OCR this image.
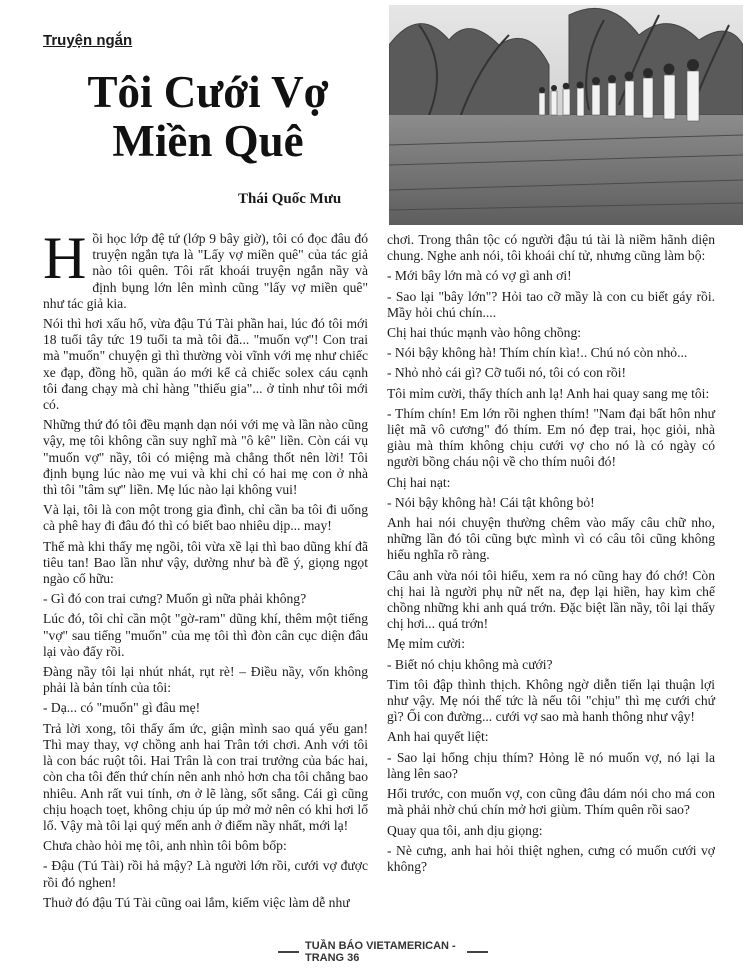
Truyện ngắn
Tôi Cưới Vợ
Miền Quê
Thái Quốc Mưu

Hồi học lớp đệ tứ (lớp 9 bây giờ), tôi có đọc đâu đó truyện ngắn tựa là "Lấy vợ miền quê" của tác giả nào tôi quên. Tôi rất khoái truyện ngắn nầy và định bụng lớn lên mình cũng "lấy vợ miền quê" như tác giả kia.

Nói thì hơi xấu hổ, vừa đậu Tú Tài phần hai, lúc đó tôi mới 18 tuổi tây tức 19 tuổi ta mà tôi đã... "muốn vợ"! Con trai mà "muốn" chuyện gì thì thường vòi vĩnh với mẹ như chiếc xe đạp, đồng hồ, quần áo mới kể cả chiếc solex cáu cạnh tôi đang chạy mà chỉ hàng "thiếu gia"... ở tỉnh như tôi mới có.

Những thứ đó tôi đều mạnh dạn nói với mẹ và lần nào cũng vậy, mẹ tôi không cần suy nghĩ mà "ô kê" liền. Còn cái vụ "muốn vợ" nầy, tôi có miệng mà chẳng thốt nên lời! Tôi định bụng lúc nào mẹ vui và khi chỉ có hai mẹ con ở nhà thì tôi "tâm sự" liền. Mẹ lúc nào lại không vui!

Và lại, tôi là con một trong gia đình, chỉ cần ba tôi đi uống cà phê hay đi đâu đó thì có biết bao nhiêu dịp... may!

Thế mà khi thấy mẹ ngồi, tôi vừa xề lại thì bao dũng khí đã tiêu tan! Bao lần như vậy, dường như bà đề ý, giọng ngọt ngào cố hữu:

- Gì đó con trai cưng? Muốn gì nữa phải không?

Lúc đó, tôi chỉ cần một "gờ-ram" dũng khí, thêm một tiếng "vợ" sau tiếng "muốn" của mẹ tôi thì đòn cân cục diện đâu lại vào đấy rồi.

Đàng nầy tôi lại nhút nhát, rụt rè! – Điều nầy, vốn không phải là bản tính của tôi:

- Dạ... có "muốn" gì đâu mẹ!

Trả lời xong, tôi thấy ấm ức, giận mình sao quá yếu gan! Thì may thay, vợ chồng anh hai Trân tới chơi. Anh với tôi là con bác ruột tôi. Hai Trân là con trai trưởng của bác hai, còn cha tôi đến thứ chín nên anh nhỏ hơn cha tôi chẳng bao nhiêu. Anh rất vui tính, ơn ở lẽ làng, sốt sắng. Cái gì cũng chịu hoạch toẹt, không chịu úp úp mở mở nên có khi hơi lố lố. Vậy mà tôi lại quý mến anh ở điểm nầy nhất, mới lạ!

Chưa chào hỏi mẹ tôi, anh nhìn tôi bôm bốp:

- Đậu (Tú Tài) rồi hả mậy? Là người lớn rồi, cưới vợ được rồi đó nghen!

Thuở đó đậu Tú Tài cũng oai lắm, kiếm việc làm dễ như

chơi. Trong thân tộc có người đậu tú tài là niềm hãnh diện chung. Nghe anh nói, tôi khoái chí tử, nhưng cũng làm bộ:

- Mới bây lớn mà có vợ gì anh ơi!

- Sao lại "bây lớn"? Hỏi tao cỡ mầy là con cu biết gáy rồi. Mầy hỏi chú chín....

Chị hai thúc mạnh vào hông chồng:

- Nói bậy không hà! Thím chín kìa!.. Chú nó còn nhỏ...

- Nhỏ nhỏ cái gì? Cỡ tuổi nó, tôi có con rồi!

Tôi mỉm cười, thấy thích anh lạ! Anh hai quay sang mẹ tôi:

- Thím chín! Em lớn rồi nghen thím! "Nam đại bất hôn như liệt mã vô cương" đó thím. Em nó đẹp trai, học giỏi, nhà giàu mà thím không chịu cưới vợ cho nó là có ngày có người bồng cháu nội về cho thím nuôi đó!

Chị hai nạt:

- Nói bậy không hà! Cái tật không bỏ!

Anh hai nói chuyện thường chêm vào mấy câu chữ nho, những lần đó tôi cũng bực mình vì có câu tôi cũng không hiểu nghĩa rõ ràng.

Câu anh vừa nói tôi hiểu, xem ra nó cũng hay đó chớ! Còn chị hai là người phụ nữ nết na, đẹp lại hiền, hay kìm chế chồng những khi anh quá trớn. Đặc biệt lần nầy, tôi lại thấy chị hơi... quá trớn!

Mẹ mỉm cười:

- Biết nó chịu không mà cưới?

Tim tôi đập thình thịch. Không ngờ diễn tiến lại thuận lợi như vậy. Mẹ nói thế tức là nếu tôi "chịu" thì mẹ cưới chứ gì? Ối con đường... cưới vợ sao mà hanh thông như vậy!

Anh hai quyết liệt:

- Sao lại hổng chịu thím? Hỏng lẽ nó muốn vợ, nó lại la làng lên sao?

Hổi trước, con muốn vợ, con cũng đâu dám nói cho má con mà phải nhờ chú chín mở hơi giùm. Thím quên rồi sao?

Quay qua tôi, anh dịu giọng:

- Nè cưng, anh hai hỏi thiệt nghen, cưng có muốn cưới vợ không?

TUẦN BÁO VIETAMERICAN - TRANG 36
